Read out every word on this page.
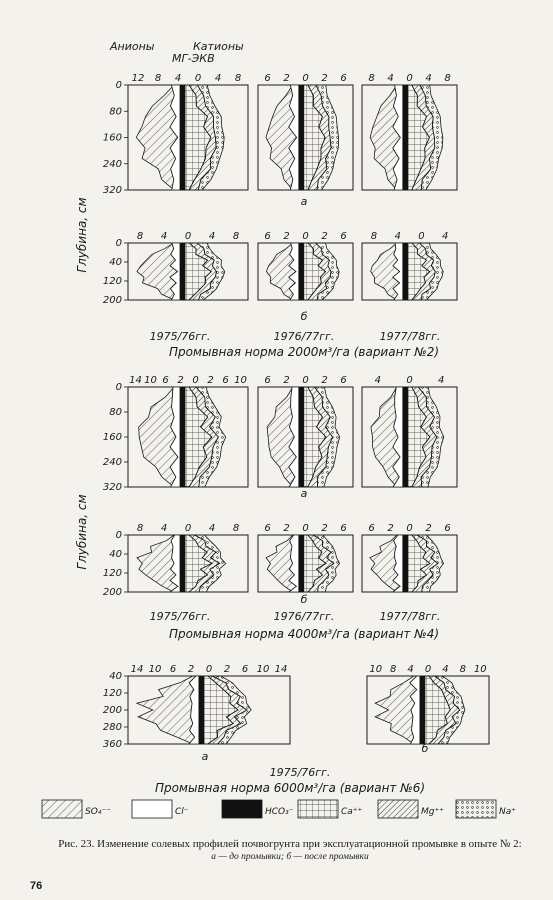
Анионы	Катионы
МГ-ЭКВ
0
80
160
240
320
12 8 4 0 4 8 6 2 0 2 6 8 4 0 4 8
0
40
120
200
8 4 0 4 8	6 2 0 2 6 8 4 0 4
а
б
1975/76гг.	1976/77гг.	1977/78гг.
Промывная норма 2000м³/га (вариант №2)
Глубина, см
0
80
160
240
320
14 10 6 2 0 2 6 10 6 2 0 2 6	4	0	4
0
40
120
200
8 4 0 4 8	6 2 0 2 6 6 2 0 2 6
а
б
1975/76гг.	1976/77гг.	1977/78гг.
Промывная норма 4000м³/га (вариант №4)
Глубина, см
40
120
200
280
360
14 10 6 2 0 2 6 10 14	10 8 4 0 4 8 10
а
б
1975/76гг.
Промывная норма 6000м³/га (вариант №6)
SO₄⁻⁻	Cl⁻	HCO₃⁻	Ca⁺⁺	Mg⁺⁺	Na⁺
Рис. 23. Изменение солевых профилей почвогрунта при эксплуатационной промывке в опыте № 2:
а — до промывки; б — после промывки
76
